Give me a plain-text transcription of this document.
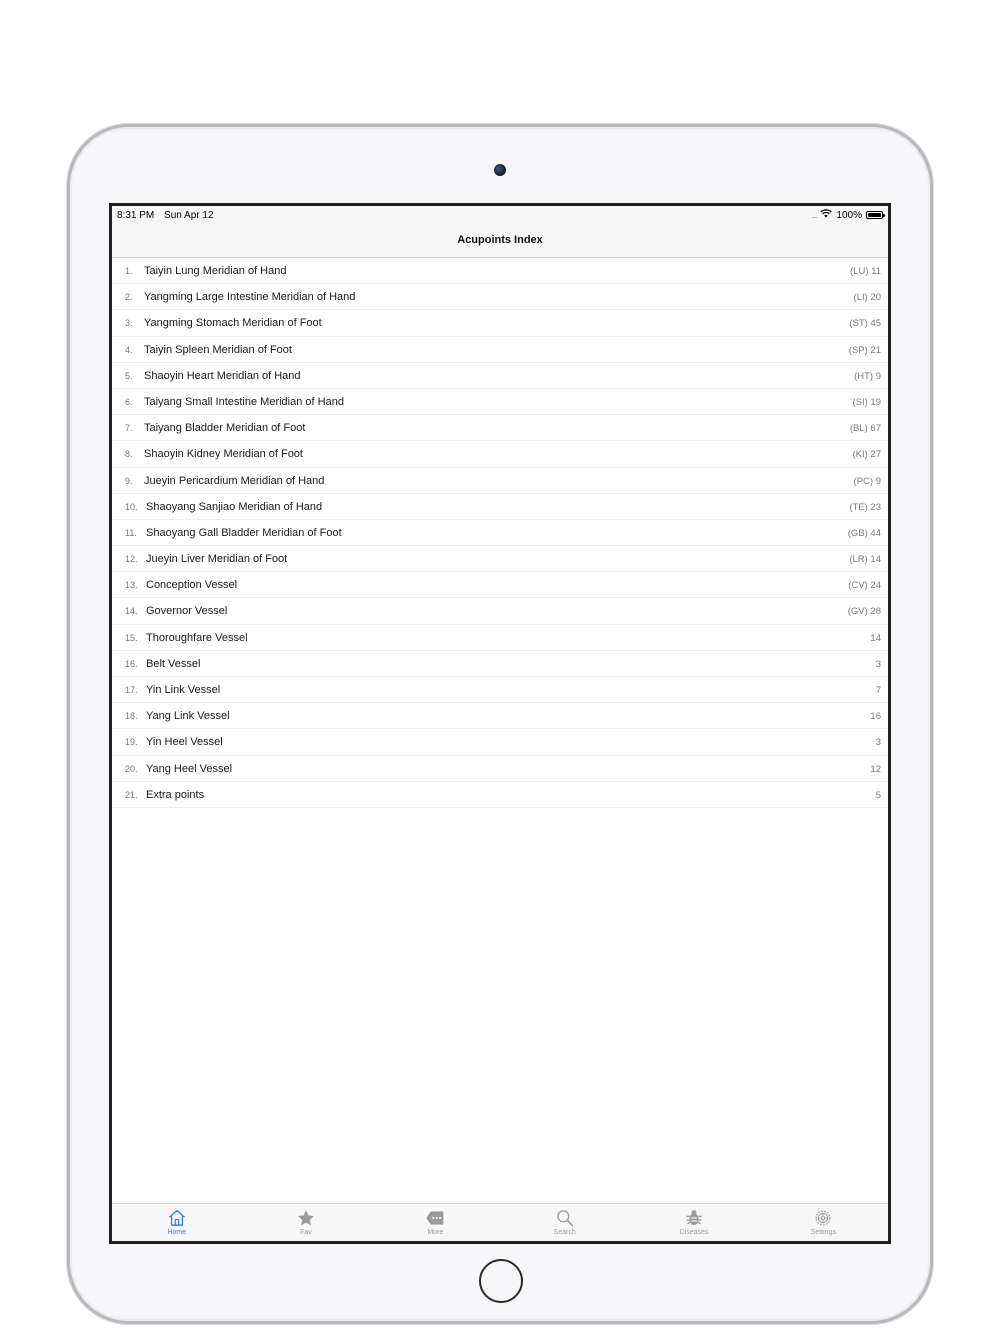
8:31 PM Sun Apr 12	.... 100%
Acupoints Index
1. Taiyin Lung Meridian of Hand	(LU) 11
2. Yangming Large Intestine Meridian of Hand	(LI) 20
3. Yangming Stomach Meridian of Foot	(ST) 45
4. Taiyin Spleen Meridian of Foot	(SP) 21
5. Shaoyin Heart Meridian of Hand	(HT) 9
6. Taiyang Small Intestine Meridian of Hand	(SI) 19
7. Taiyang Bladder Meridian of Foot	(BL) 67
8. Shaoyin Kidney Meridian of Foot	(KI) 27
9. Jueyin Pericardium Meridian of Hand	(PC) 9
10. Shaoyang Sanjiao Meridian of Hand	(TE) 23
11. Shaoyang Gall Bladder Meridian of Foot	(GB) 44
12. Jueyin Liver Meridian of Foot	(LR) 14
13. Conception Vessel	(CV) 24
14. Governor Vessel	(GV) 28
15. Thoroughfare Vessel	14
16. Belt Vessel	3
17. Yin Link Vessel	7
18. Yang Link Vessel	16
19. Yin Heel Vessel	3
20. Yang Heel Vessel	12
21. Extra points	5
Home	Fav	More	Search	Diseases	Settings
